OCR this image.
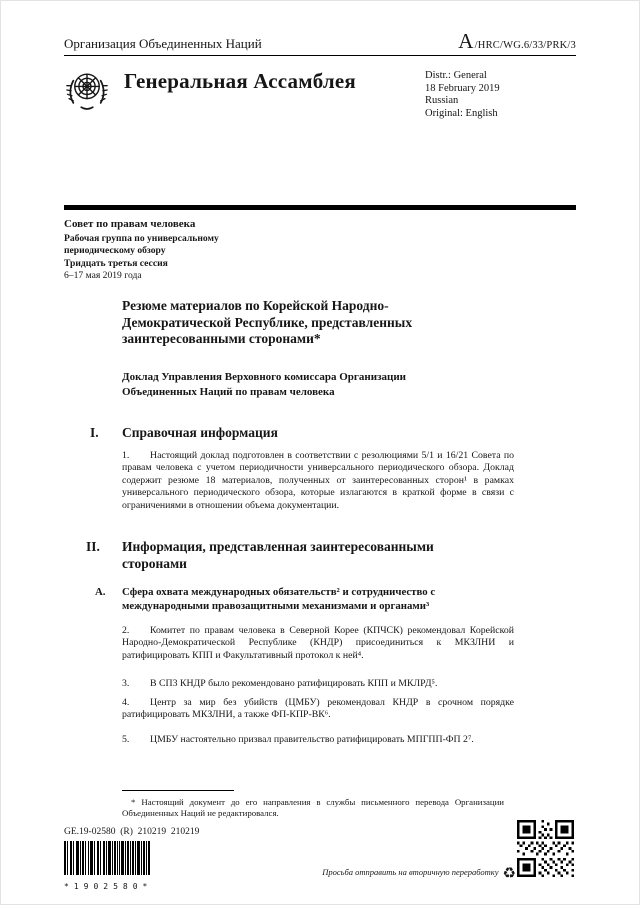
Организация Объединенных Наций	A/HRC/WG.6/33/PRK/3
Генеральная Ассамблея	Distr.: General
18 February 2019
Russian
Original: English
Совет по правам человека
Рабочая группа по универсальному периодическому обзору
Тридцать третья сессия
6–17 мая 2019 года
Резюме материалов по Корейской Народно-Демократической Республике, представленных заинтересованными сторонами*
Доклад Управления Верховного комиссара Организации Объединенных Наций по правам человека
I.	Справочная информация
1. Настоящий доклад подготовлен в соответствии с резолюциями 5/1 и 16/21 Совета по правам человека с учетом периодичности универсального периодического обзора. Доклад содержит резюме 18 материалов, полученных от заинтересованных сторон¹ в рамках универсального периодического обзора, которые излагаются в краткой форме в связи с ограничениями в отношении объема документации.
II.	Информация, представленная заинтересованными сторонами
A.	Сфера охвата международных обязательств² и сотрудничество с международными правозащитными механизмами и органами³
2. Комитет по правам человека в Северной Корее (КПЧСК) рекомендовал Корейской Народно-Демократической Республике (КНДР) присоединиться к МКЗЛНИ и ратифицировать КПП и Факультативный протокол к ней⁴.
3. В СП3 КНДР было рекомендовано ратифицировать КПП и МКЛРД⁵.
4. Центр за мир без убийств (ЦМБУ) рекомендовал КНДР в срочном порядке ратифицировать МКЗЛНИ, а также ФП-КПР-ВК⁶.
5. ЦМБУ настоятельно призвал правительство ратифицировать МПГПП-ФП 2⁷.
* Настоящий документ до его направления в службы письменного перевода Организации Объединенных Наций не редактировался.
GE.19-02580  (R)  210219  210219
*1902580*
Просьба отправить на вторичную переработку ♻
